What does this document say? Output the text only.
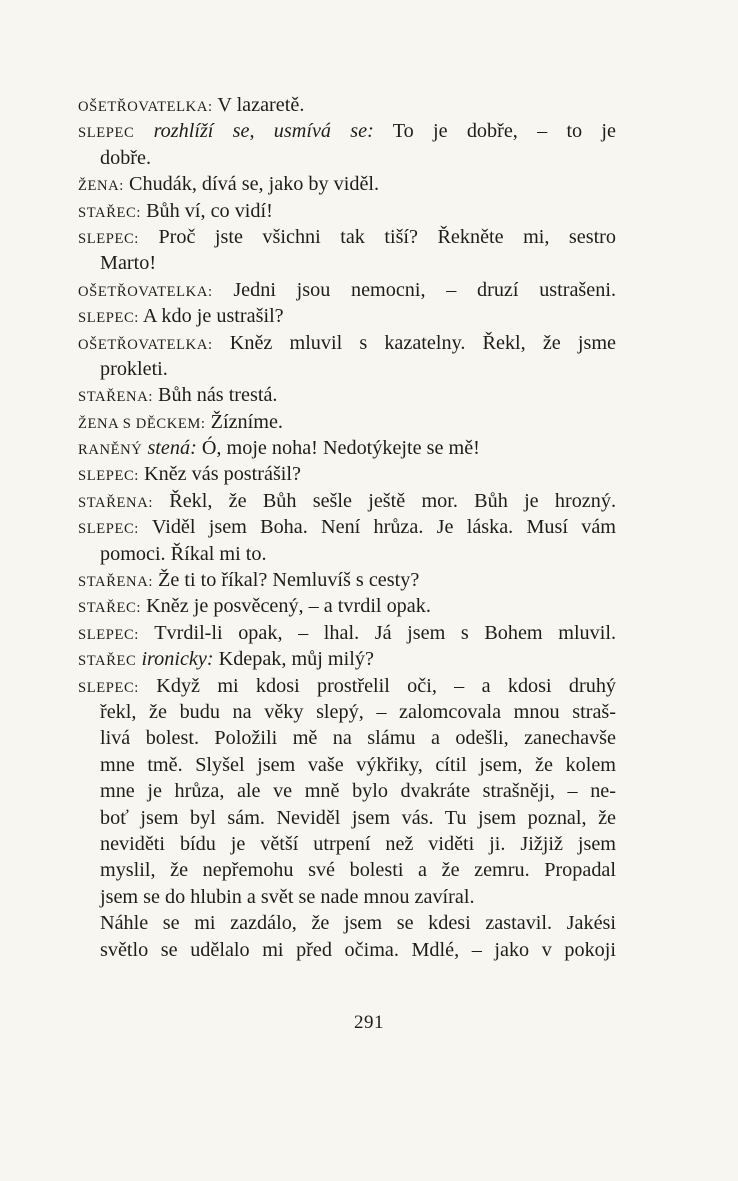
OŠETŘOVATELKA: V lazaretě.
SLEPEC rozhlíží se, usmívá se: To je dobře, – to je
dobře.
ŽENA: Chudák, dívá se, jako by viděl.
STAŘEC: Bůh ví, co vidí!
SLEPEC: Proč jste všichni tak tiší? Řekněte mi, sestro
Marto!
OŠETŘOVATELKA: Jedni jsou nemocni, – druzí ustrašeni.
SLEPEC: A kdo je ustrašil?
OŠETŘOVATELKA: Kněz mluvil s kazatelny. Řekl, že jsme
prokleti.
STAŘENA: Bůh nás trestá.
ŽENA S DĚCKEM: Žízníme.
RANĚNÝ stená: Ó, moje noha! Nedotýkejte se mě!
SLEPEC: Kněz vás postrášil?
STAŘENA: Řekl, že Bůh sešle ještě mor. Bůh je hrozný.
SLEPEC: Viděl jsem Boha. Není hrůza. Je láska. Musí vám
pomoci. Říkal mi to.
STAŘENA: Že ti to říkal? Nemluvíš s cesty?
STAŘEC: Kněz je posvěcený, – a tvrdil opak.
SLEPEC: Tvrdil-li opak, – lhal. Já jsem s Bohem mluvil.
STAŘEC ironicky: Kdepak, můj milý?
SLEPEC: Když mi kdosi prostřelil oči, – a kdosi druhý
řekl, že budu na věky slepý, – zalomcovala mnou straš-
livá bolest. Položili mě na slámu a odešli, zanechavše
mne tmě. Slyšel jsem vaše výkřiky, cítil jsem, že kolem
mne je hrůza, ale ve mně bylo dvakráte strašněji, – ne-
boť jsem byl sám. Neviděl jsem vás. Tu jsem poznal, že
neviděti bídu je větší utrpení než viděti ji. Jižjiž jsem
myslil, že nepřemohu své bolesti a že zemru. Propadal
jsem se do hlubin a svět se nade mnou zavíral.
Náhle se mi zazdálo, že jsem se kdesi zastavil. Jakési
světlo se udělalo mi před očima. Mdlé, – jako v pokoji
291
